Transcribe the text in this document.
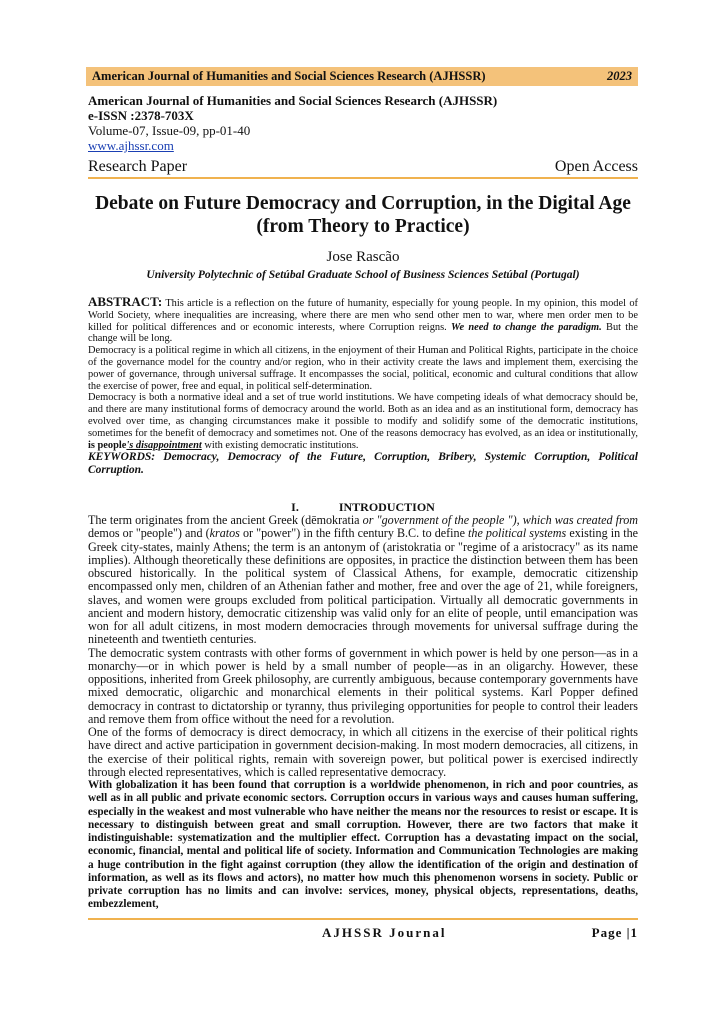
American Journal of Humanities and Social Sciences Research (AJHSSR)	2023
American Journal of Humanities and Social Sciences Research (AJHSSR)
e-ISSN :2378-703X
Volume-07, Issue-09, pp-01-40
www.ajhssr.com
Research Paper	Open Access
Debate on Future Democracy and Corruption, in the Digital Age
(from Theory to Practice)
Jose Rascão
University Polytechnic of Setúbal Graduate School of Business Sciences Setúbal (Portugal)

ABSTRACT: This article is a reflection on the future of humanity, especially for young people. In my opinion, this model of World Society, where inequalities are increasing, where there are men who send other men to war, where men order men to be killed for political differences and or economic interests, where Corruption reigns. We need to change the paradigm. But the change will be long.

Democracy is a political regime in which all citizens, in the enjoyment of their Human and Political Rights, participate in the choice of the governance model for the country and/or region, who in their activity create the laws and implement them, exercising the power of governance, through universal suffrage. It encompasses the social, political, economic and cultural conditions that allow the exercise of power, free and equal, in political self-determination.

Democracy is both a normative ideal and a set of true world institutions. We have competing ideals of what democracy should be, and there are many institutional forms of democracy around the world. Both as an idea and as an institutional form, democracy has evolved over time, as changing circumstances make it possible to modify and solidify some of the democratic institutions, sometimes for the benefit of democracy and sometimes not. One of the reasons democracy has evolved, as an idea or institutionally, is people's disappointment with existing democratic institutions.

KEYWORDS: Democracy, Democracy of the Future, Corruption, Bribery, Systemic Corruption, Political Corruption.

I.	INTRODUCTION

The term originates from the ancient Greek (dēmokratia or "government of the people "), which was created from demos or "people") and (kratos or "power") in the fifth century B.C. to define the political systems existing in the Greek city-states, mainly Athens; the term is an antonym of (aristokratia or "regime of a aristocracy" as its name implies). Although theoretically these definitions are opposites, in practice the distinction between them has been obscured historically. In the political system of Classical Athens, for example, democratic citizenship encompassed only men, children of an Athenian father and mother, free and over the age of 21, while foreigners, slaves, and women were groups excluded from political participation. Virtually all democratic governments in ancient and modern history, democratic citizenship was valid only for an elite of people, until emancipation was won for all adult citizens, in most modern democracies through movements for universal suffrage during the nineteenth and twentieth centuries.

The democratic system contrasts with other forms of government in which power is held by one person—as in a monarchy—or in which power is held by a small number of people—as in an oligarchy. However, these oppositions, inherited from Greek philosophy, are currently ambiguous, because contemporary governments have mixed democratic, oligarchic and monarchical elements in their political systems. Karl Popper defined democracy in contrast to dictatorship or tyranny, thus privileging opportunities for people to control their leaders and remove them from office without the need for a revolution.

One of the forms of democracy is direct democracy, in which all citizens in the exercise of their political rights have direct and active participation in government decision-making. In most modern democracies, all citizens, in the exercise of their political rights, remain with sovereign power, but political power is exercised indirectly through elected representatives, which is called representative democracy.

With globalization it has been found that corruption is a worldwide phenomenon, in rich and poor countries, as well as in all public and private economic sectors. Corruption occurs in various ways and causes human suffering, especially in the weakest and most vulnerable who have neither the means nor the resources to resist or escape. It is necessary to distinguish between great and small corruption. However, there are two factors that make it indistinguishable: systematization and the multiplier effect. Corruption has a devastating impact on the social, economic, financial, mental and political life of society. Information and Communication Technologies are making a huge contribution in the fight against corruption (they allow the identification of the origin and destination of information, as well as its flows and actors), no matter how much this phenomenon worsens in society. Public or private corruption has no limits and can involve: services, money, physical objects, representations, deaths, embezzlement,

AJHSSR Journal	Page |1
